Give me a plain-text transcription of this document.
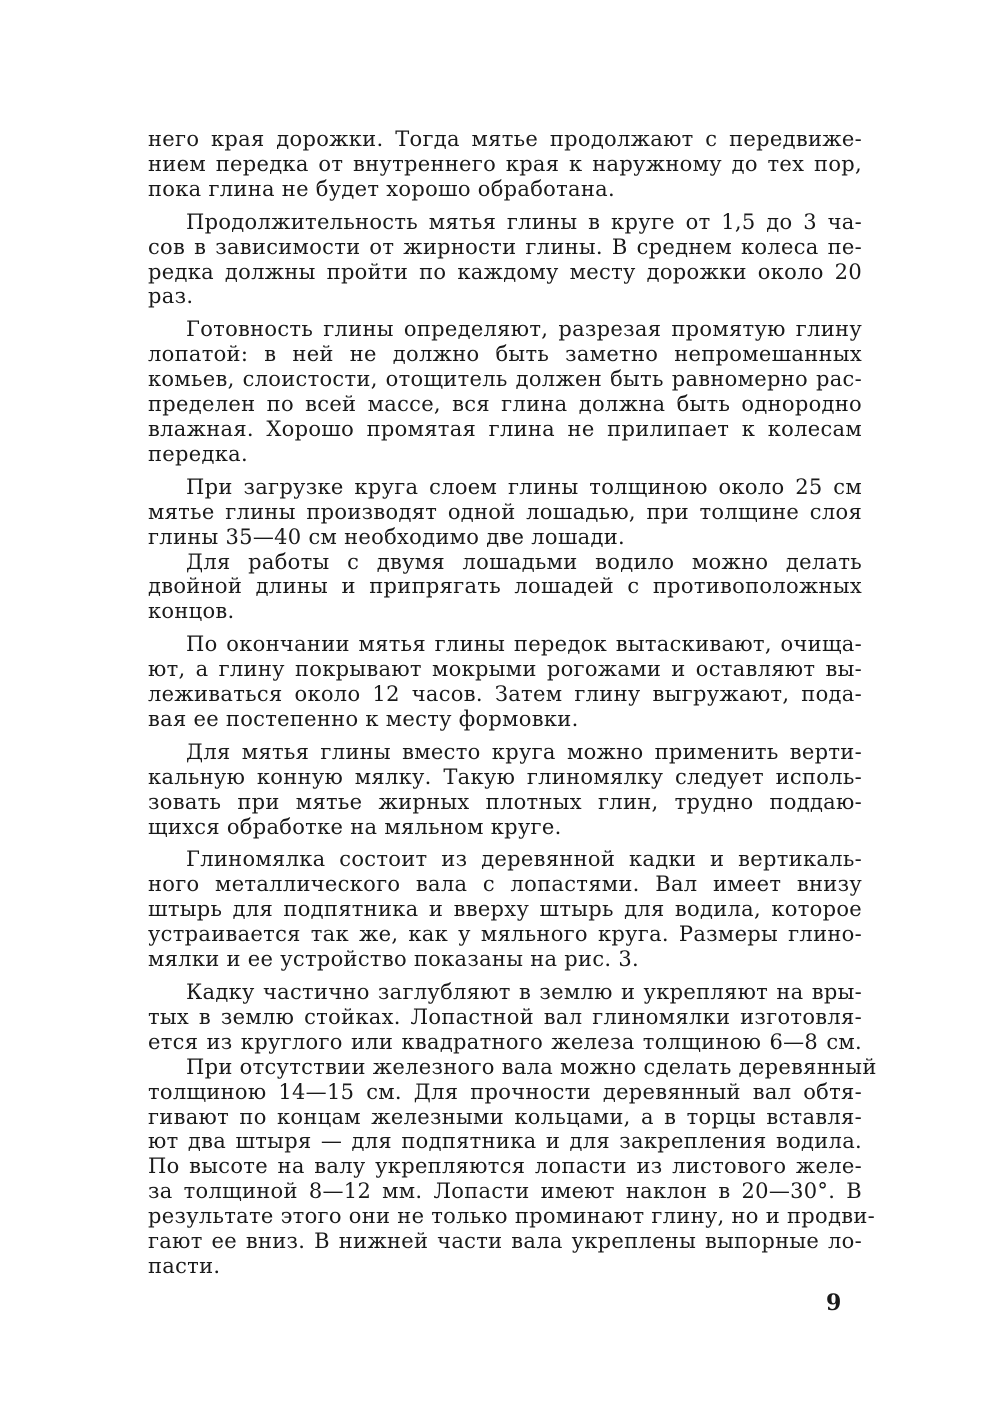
него края дорожки. Тогда мятье продолжают с передвиже-
нием передка от внутреннего края к наружному до тех пор,
пока глина не будет хорошо обработана.

Продолжительность мятья глины в круге от 1,5 до 3 ча-
сов в зависимости от жирности глины. В среднем колеса пе-
редка должны пройти по каждому месту дорожки около 20
раз.

Готовность глины определяют, разрезая промятую глину
лопатой: в ней не должно быть заметно непромешанных
комьев, слоистости, отощитель должен быть равномерно рас-
пределен по всей массе, вся глина должна быть однородно
влажная. Хорошо промятая глина не прилипает к колесам
передка.

При загрузке круга слоем глины толщиною около 25 см
мятье глины производят одной лошадью, при толщине слоя
глины 35—40 см необходимо две лошади.

Для работы с двумя лошадьми водило можно делать
двойной длины и припрягать лошадей с противоположных
концов.

По окончании мятья глины передок вытаскивают, очища-
ют, а глину покрывают мокрыми рогожами и оставляют вы-
леживаться около 12 часов. Затем глину выгружают, пода-
вая ее постепенно к месту формовки.

Для мятья глины вместо круга можно применить верти-
кальную конную мялку. Такую глиномялку следует исполь-
зовать при мятье жирных плотных глин, трудно поддаю-
щихся обработке на мяльном круге.

Глиномялка состоит из деревянной кадки и вертикаль-
ного металлического вала с лопастями. Вал имеет внизу
штырь для подпятника и вверху штырь для водила, которое
устраивается так же, как у мяльного круга. Размеры глино-
мялки и ее устройство показаны на рис. 3.

Кадку частично заглубляют в землю и укрепляют на вры-
тых в землю стойках. Лопастной вал глиномялки изготовля-
ется из круглого или квадратного железа толщиною 6—8 см.

При отсутствии железного вала можно сделать деревянный
толщиною 14—15 см. Для прочности деревянный вал обтя-
гивают по концам железными кольцами, а в торцы вставля-
ют два штыря — для подпятника и для закрепления водила.
По высоте на валу укрепляются лопасти из листового желе-
за толщиной 8—12 мм. Лопасти имеют наклон в 20—30°. В
результате этого они не только проминают глину, но и продви-
гают ее вниз. В нижней части вала укреплены выпорные ло-
пасти.

9
